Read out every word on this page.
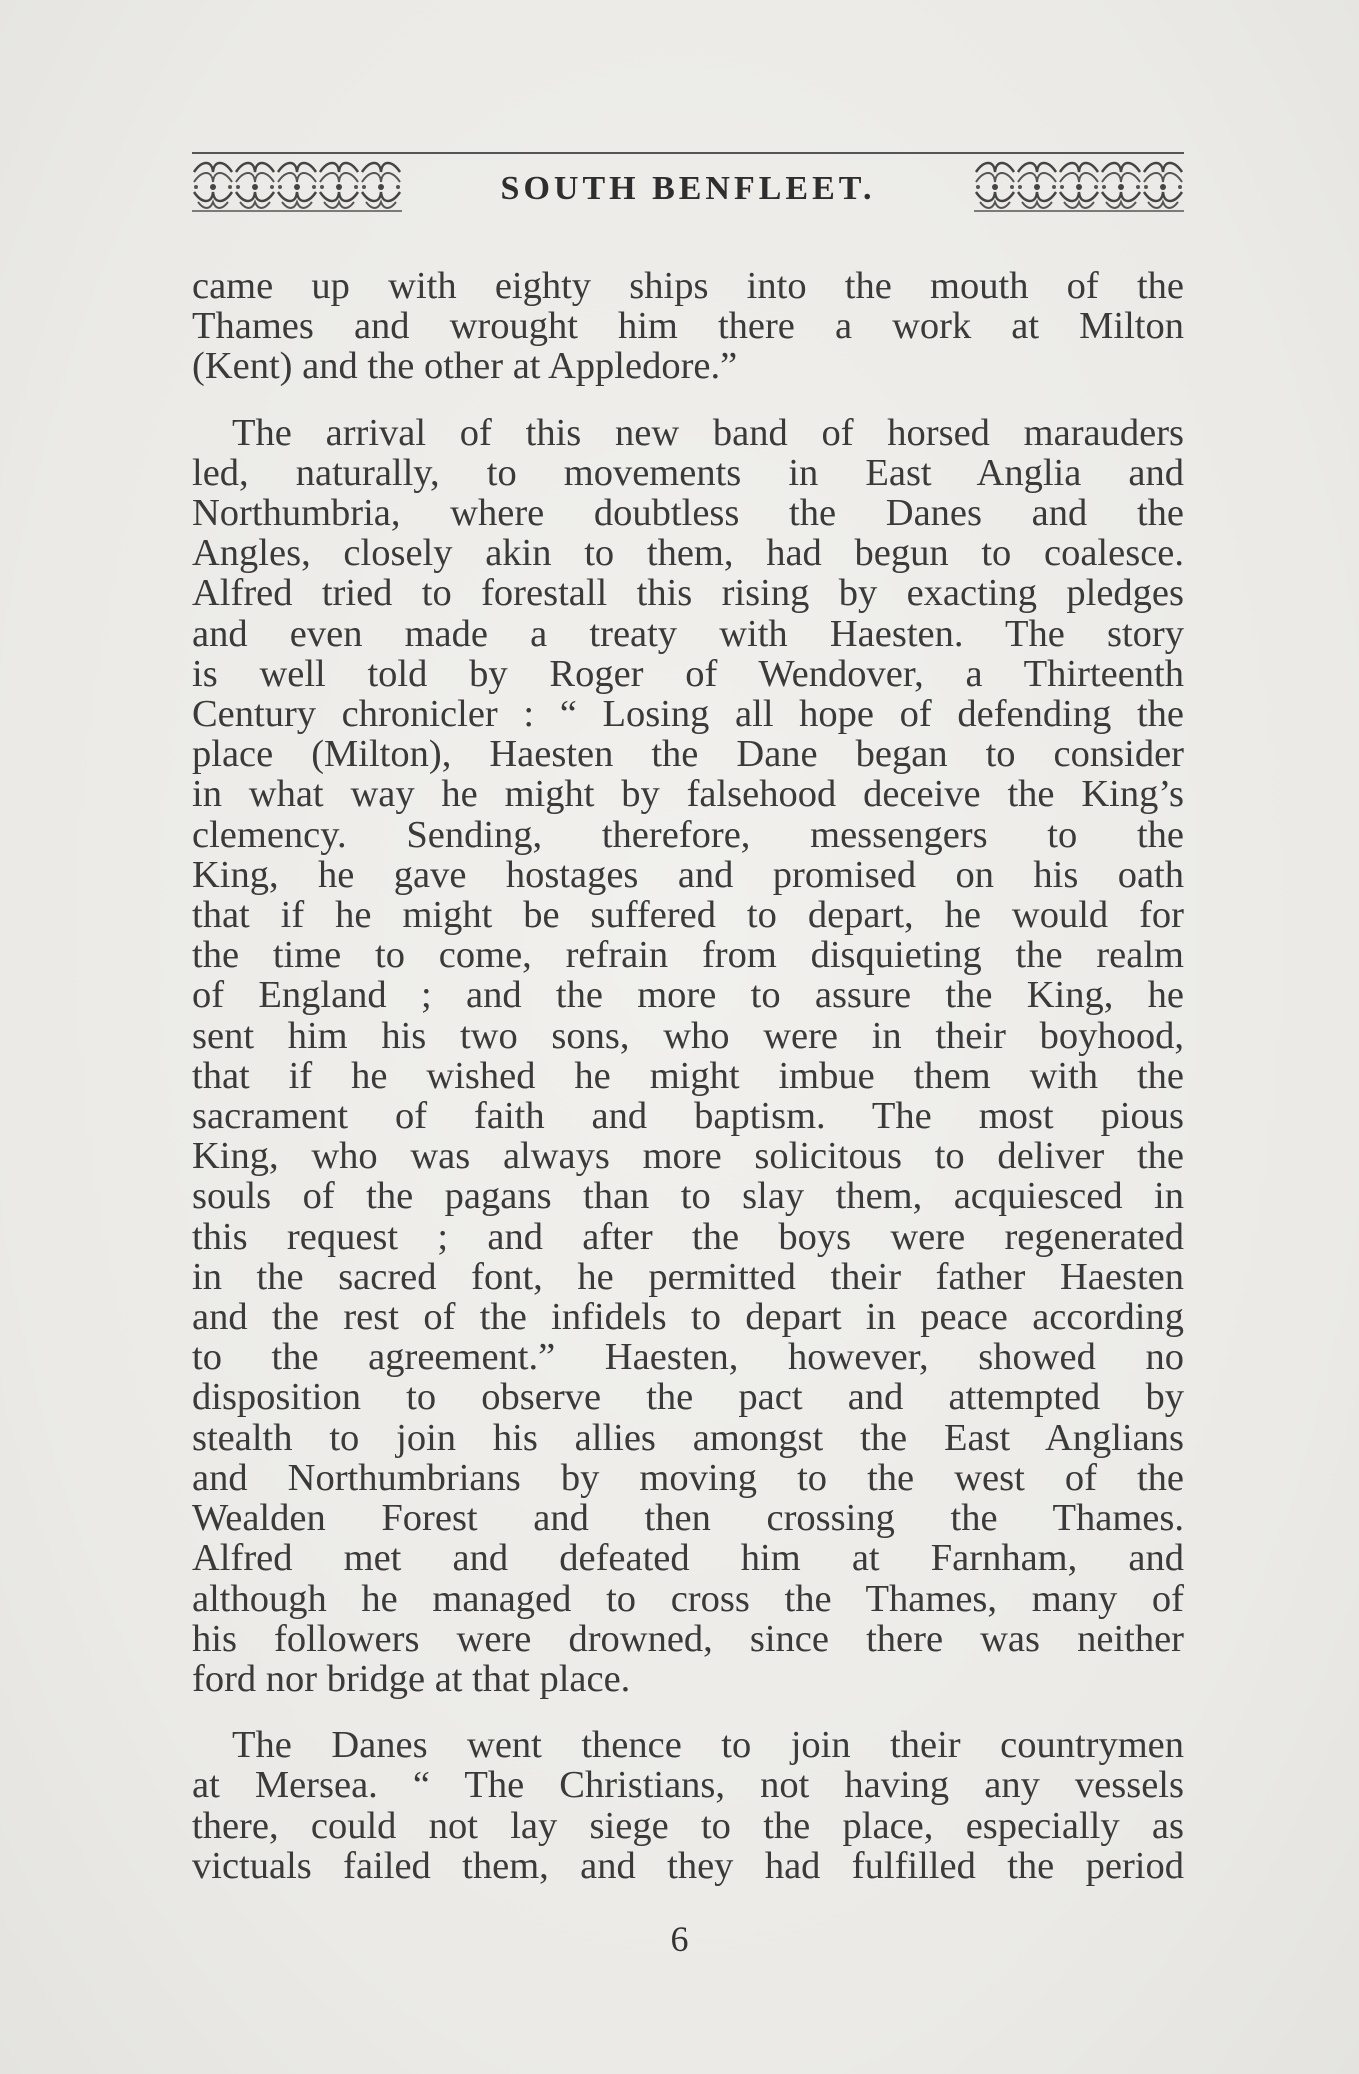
SOUTH BENFLEET.

came up with eighty ships into the mouth of the
Thames and wrought him there a work at Milton
(Kent) and the other at Appledore.”

The arrival of this new band of horsed marauders
led, naturally, to movements in East Anglia and
Northumbria, where doubtless the Danes and the
Angles, closely akin to them, had begun to coalesce.
Alfred tried to forestall this rising by exacting pledges
and even made a treaty with Haesten. The story
is well told by Roger of Wendover, a Thirteenth
Century chronicler : “ Losing all hope of defending the
place (Milton), Haesten the Dane began to consider
in what way he might by falsehood deceive the King’s
clemency. Sending, therefore, messengers to the
King, he gave hostages and promised on his oath
that if he might be suffered to depart, he would for
the time to come, refrain from disquieting the realm
of England ; and the more to assure the King, he
sent him his two sons, who were in their boyhood,
that if he wished he might imbue them with the
sacrament of faith and baptism. The most pious
King, who was always more solicitous to deliver the
souls of the pagans than to slay them, acquiesced in
this request ; and after the boys were regenerated
in the sacred font, he permitted their father Haesten
and the rest of the infidels to depart in peace according
to the agreement.” Haesten, however, showed no
disposition to observe the pact and attempted by
stealth to join his allies amongst the East Anglians
and Northumbrians by moving to the west of the
Wealden Forest and then crossing the Thames.
Alfred met and defeated him at Farnham, and
although he managed to cross the Thames, many of
his followers were drowned, since there was neither
ford nor bridge at that place.

The Danes went thence to join their countrymen
at Mersea. “ The Christians, not having any vessels
there, could not lay siege to the place, especially as
victuals failed them, and they had fulfilled the period

6
